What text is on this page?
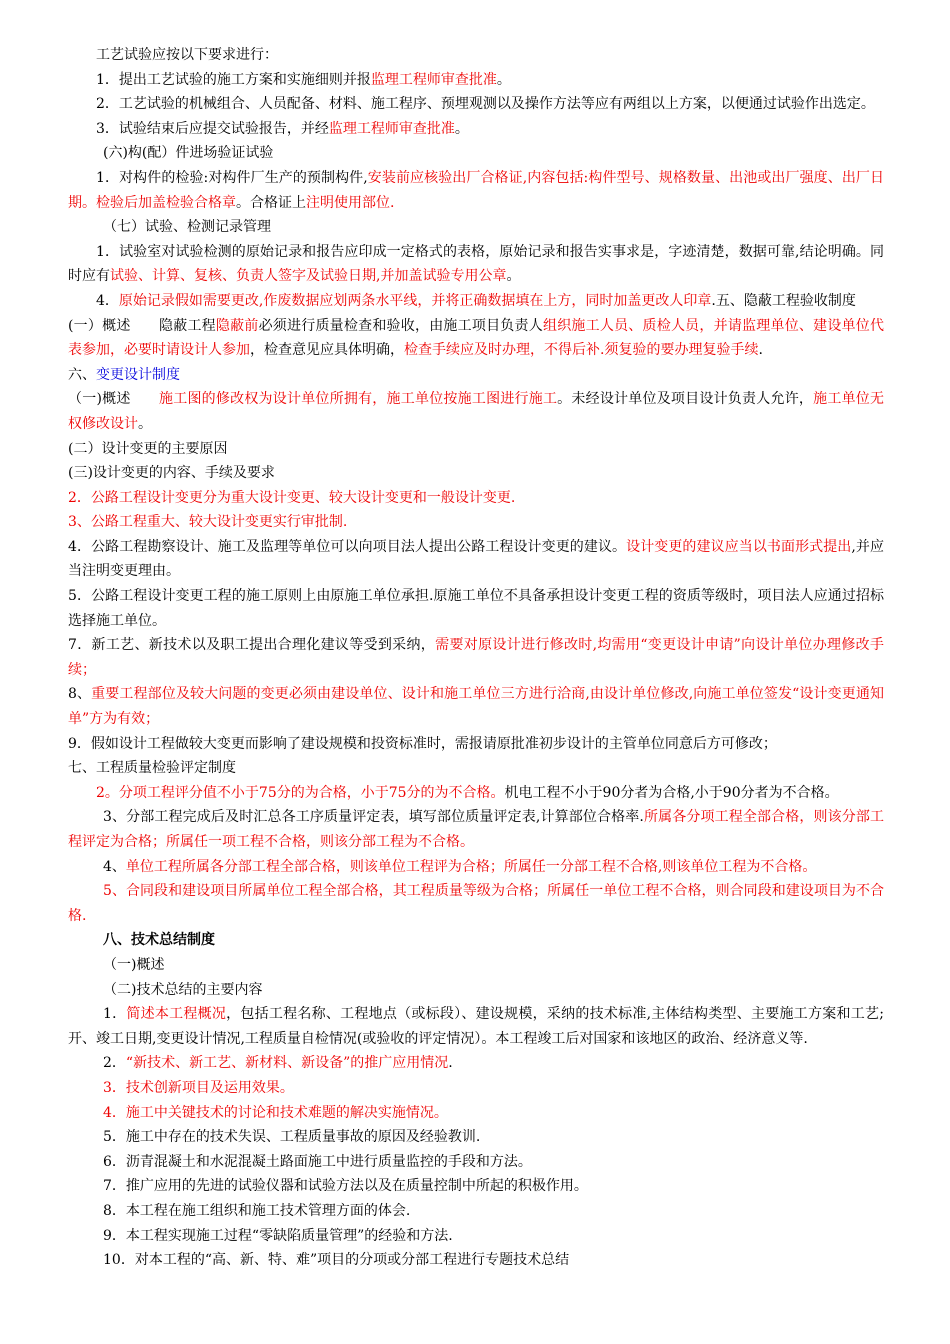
工艺试验应按以下要求进行：

1．提出工艺试验的施工方案和实施细则并报监理工程师审查批准。

2．工艺试验的机械组合、人员配备、材料、施工程序、预埋观测以及操作方法等应有两组以上方案，以便通过试验作出选定。

3．试验结束后应提交试验报告，并经监理工程师审查批准。

(六)构(配）件进场验证试验

1．对构件的检验:对构件厂生产的预制构件,安装前应核验出厂合格证,内容包括:构件型号、规格数量、出池或出厂强度、出厂日期。检验后加盖检验合格章。合格证上注明使用部位.

（七）试验、检测记录管理

1．试验室对试验检测的原始记录和报告应印成一定格式的表格，原始记录和报告实事求是，字迹清楚，数据可靠,结论明确。同时应有试验、计算、复核、负责人签字及试验日期,并加盖试验专用公章。

4．原始记录假如需要更改,作废数据应划两条水平线，并将正确数据填在上方，同时加盖更改人印章.五、隐蔽工程验收制度

(一）概述　　隐蔽工程隐蔽前必须进行质量检查和验收，由施工项目负责人组织施工人员、质检人员，并请监理单位、建设单位代表参加，必要时请设计人参加，检查意见应具体明确，检查手续应及时办理，不得后补.须复验的要办理复验手续.

六、变更设计制度

（一)概述　　施工图的修改权为设计单位所拥有，施工单位按施工图进行施工。未经设计单位及项目设计负责人允许，施工单位无权修改设计。

(二）设计变更的主要原因

(三)设计变更的内容、手续及要求

2．公路工程设计变更分为重大设计变更、较大设计变更和一般设计变更.

3、公路工程重大、较大设计变更实行审批制.

4．公路工程勘察设计、施工及监理等单位可以向项目法人提出公路工程设计变更的建议。设计变更的建议应当以书面形式提出,并应当注明变更理由。

5．公路工程设计变更工程的施工原则上由原施工单位承担.原施工单位不具备承担设计变更工程的资质等级时，项目法人应通过招标选择施工单位。

7．新工艺、新技术以及职工提出合理化建议等受到采纳，需要对原设计进行修改时,均需用“变更设计申请”向设计单位办理修改手续；

8、重要工程部位及较大问题的变更必须由建设单位、设计和施工单位三方进行洽商,由设计单位修改,向施工单位签发“设计变更通知单”方为有效；

9．假如设计工程做较大变更而影响了建设规模和投资标准时，需报请原批准初步设计的主管单位同意后方可修改；

七、工程质量检验评定制度

2。分项工程评分值不小于75分的为合格，小于75分的为不合格。机电工程不小于90分者为合格,小于90分者为不合格。

3、分部工程完成后及时汇总各工序质量评定表，填写部位质量评定表,计算部位合格率.所属各分项工程全部合格，则该分部工程评定为合格；所属任一项工程不合格，则该分部工程为不合格。

4、单位工程所属各分部工程全部合格，则该单位工程评为合格；所属任一分部工程不合格,则该单位工程为不合格。

5、合同段和建设项目所属单位工程全部合格，其工程质量等级为合格；所属任一单位工程不合格，则合同段和建设项目为不合格.

八、技术总结制度

（一)概述

（二)技术总结的主要内容

1．简述本工程概况，包括工程名称、工程地点（或标段）、建设规模，采纳的技术标准,主体结构类型、主要施工方案和工艺;开、竣工日期,变更设计情况,工程质量自检情况(或验收的评定情况）。本工程竣工后对国家和该地区的政治、经济意义等.

2．“新技术、新工艺、新材料、新设备”的推广应用情况.

3．技术创新项目及运用效果。

4．施工中关键技术的讨论和技术难题的解决实施情况。

5．施工中存在的技术失误、工程质量事故的原因及经验教训.

6．沥青混凝土和水泥混凝土路面施工中进行质量监控的手段和方法。

7．推广应用的先进的试验仪器和试验方法以及在质量控制中所起的积极作用。

8．本工程在施工组织和施工技术管理方面的体会.

9．本工程实现施工过程“零缺陷质量管理”的经验和方法.

10．对本工程的“高、新、特、难”项目的分项或分部工程进行专题技术总结
